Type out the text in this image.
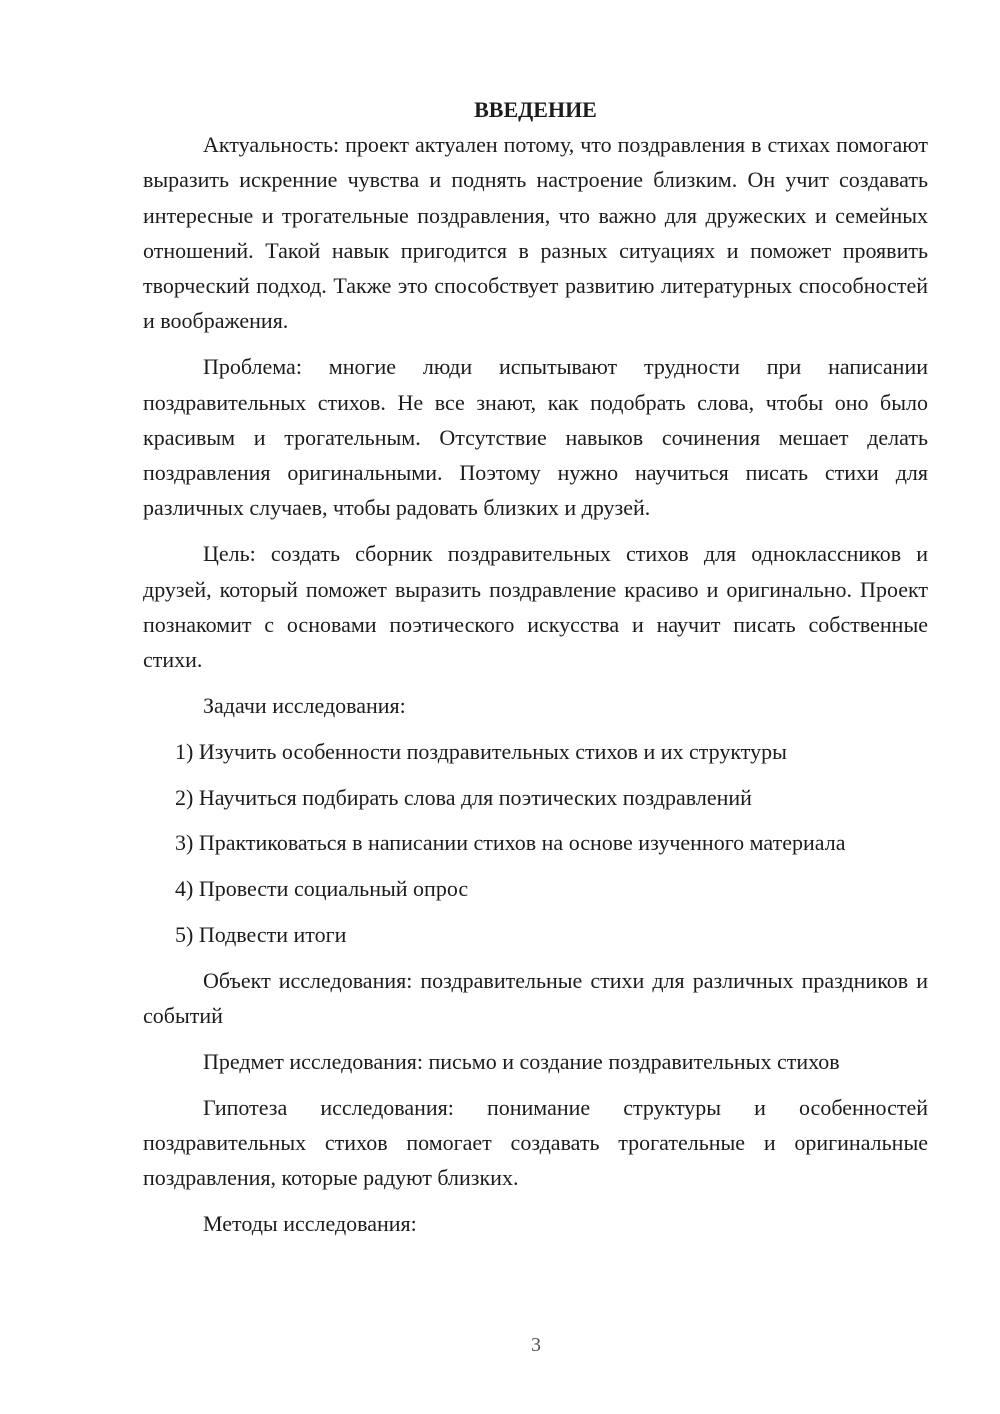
ВВЕДЕНИЕ

Актуальность: проект актуален потому, что поздравления в стихах помогают выразить искренние чувства и поднять настроение близким. Он учит создавать интересные и трогательные поздравления, что важно для дружеских и семейных отношений. Такой навык пригодится в разных ситуациях и поможет проявить творческий подход. Также это способствует развитию литературных способностей и воображения.

Проблема: многие люди испытывают трудности при написании поздравительных стихов. Не все знают, как подобрать слова, чтобы оно было красивым и трогательным. Отсутствие навыков сочинения мешает делать поздравления оригинальными. Поэтому нужно научиться писать стихи для различных случаев, чтобы радовать близких и друзей.

Цель: создать сборник поздравительных стихов для одноклассников и друзей, который поможет выразить поздравление красиво и оригинально. Проект познакомит с основами поэтического искусства и научит писать собственные стихи.

Задачи исследования:

1) Изучить особенности поздравительных стихов и их структуры

2) Научиться подбирать слова для поэтических поздравлений

3) Практиковаться в написании стихов на основе изученного материала

4) Провести социальный опрос

5) Подвести итоги

Объект исследования: поздравительные стихи для различных праздников и событий

Предмет исследования: письмо и создание поздравительных стихов

Гипотеза исследования: понимание структуры и особенностей поздравительных стихов помогает создавать трогательные и оригинальные поздравления, которые радуют близких.

Методы исследования:

3
